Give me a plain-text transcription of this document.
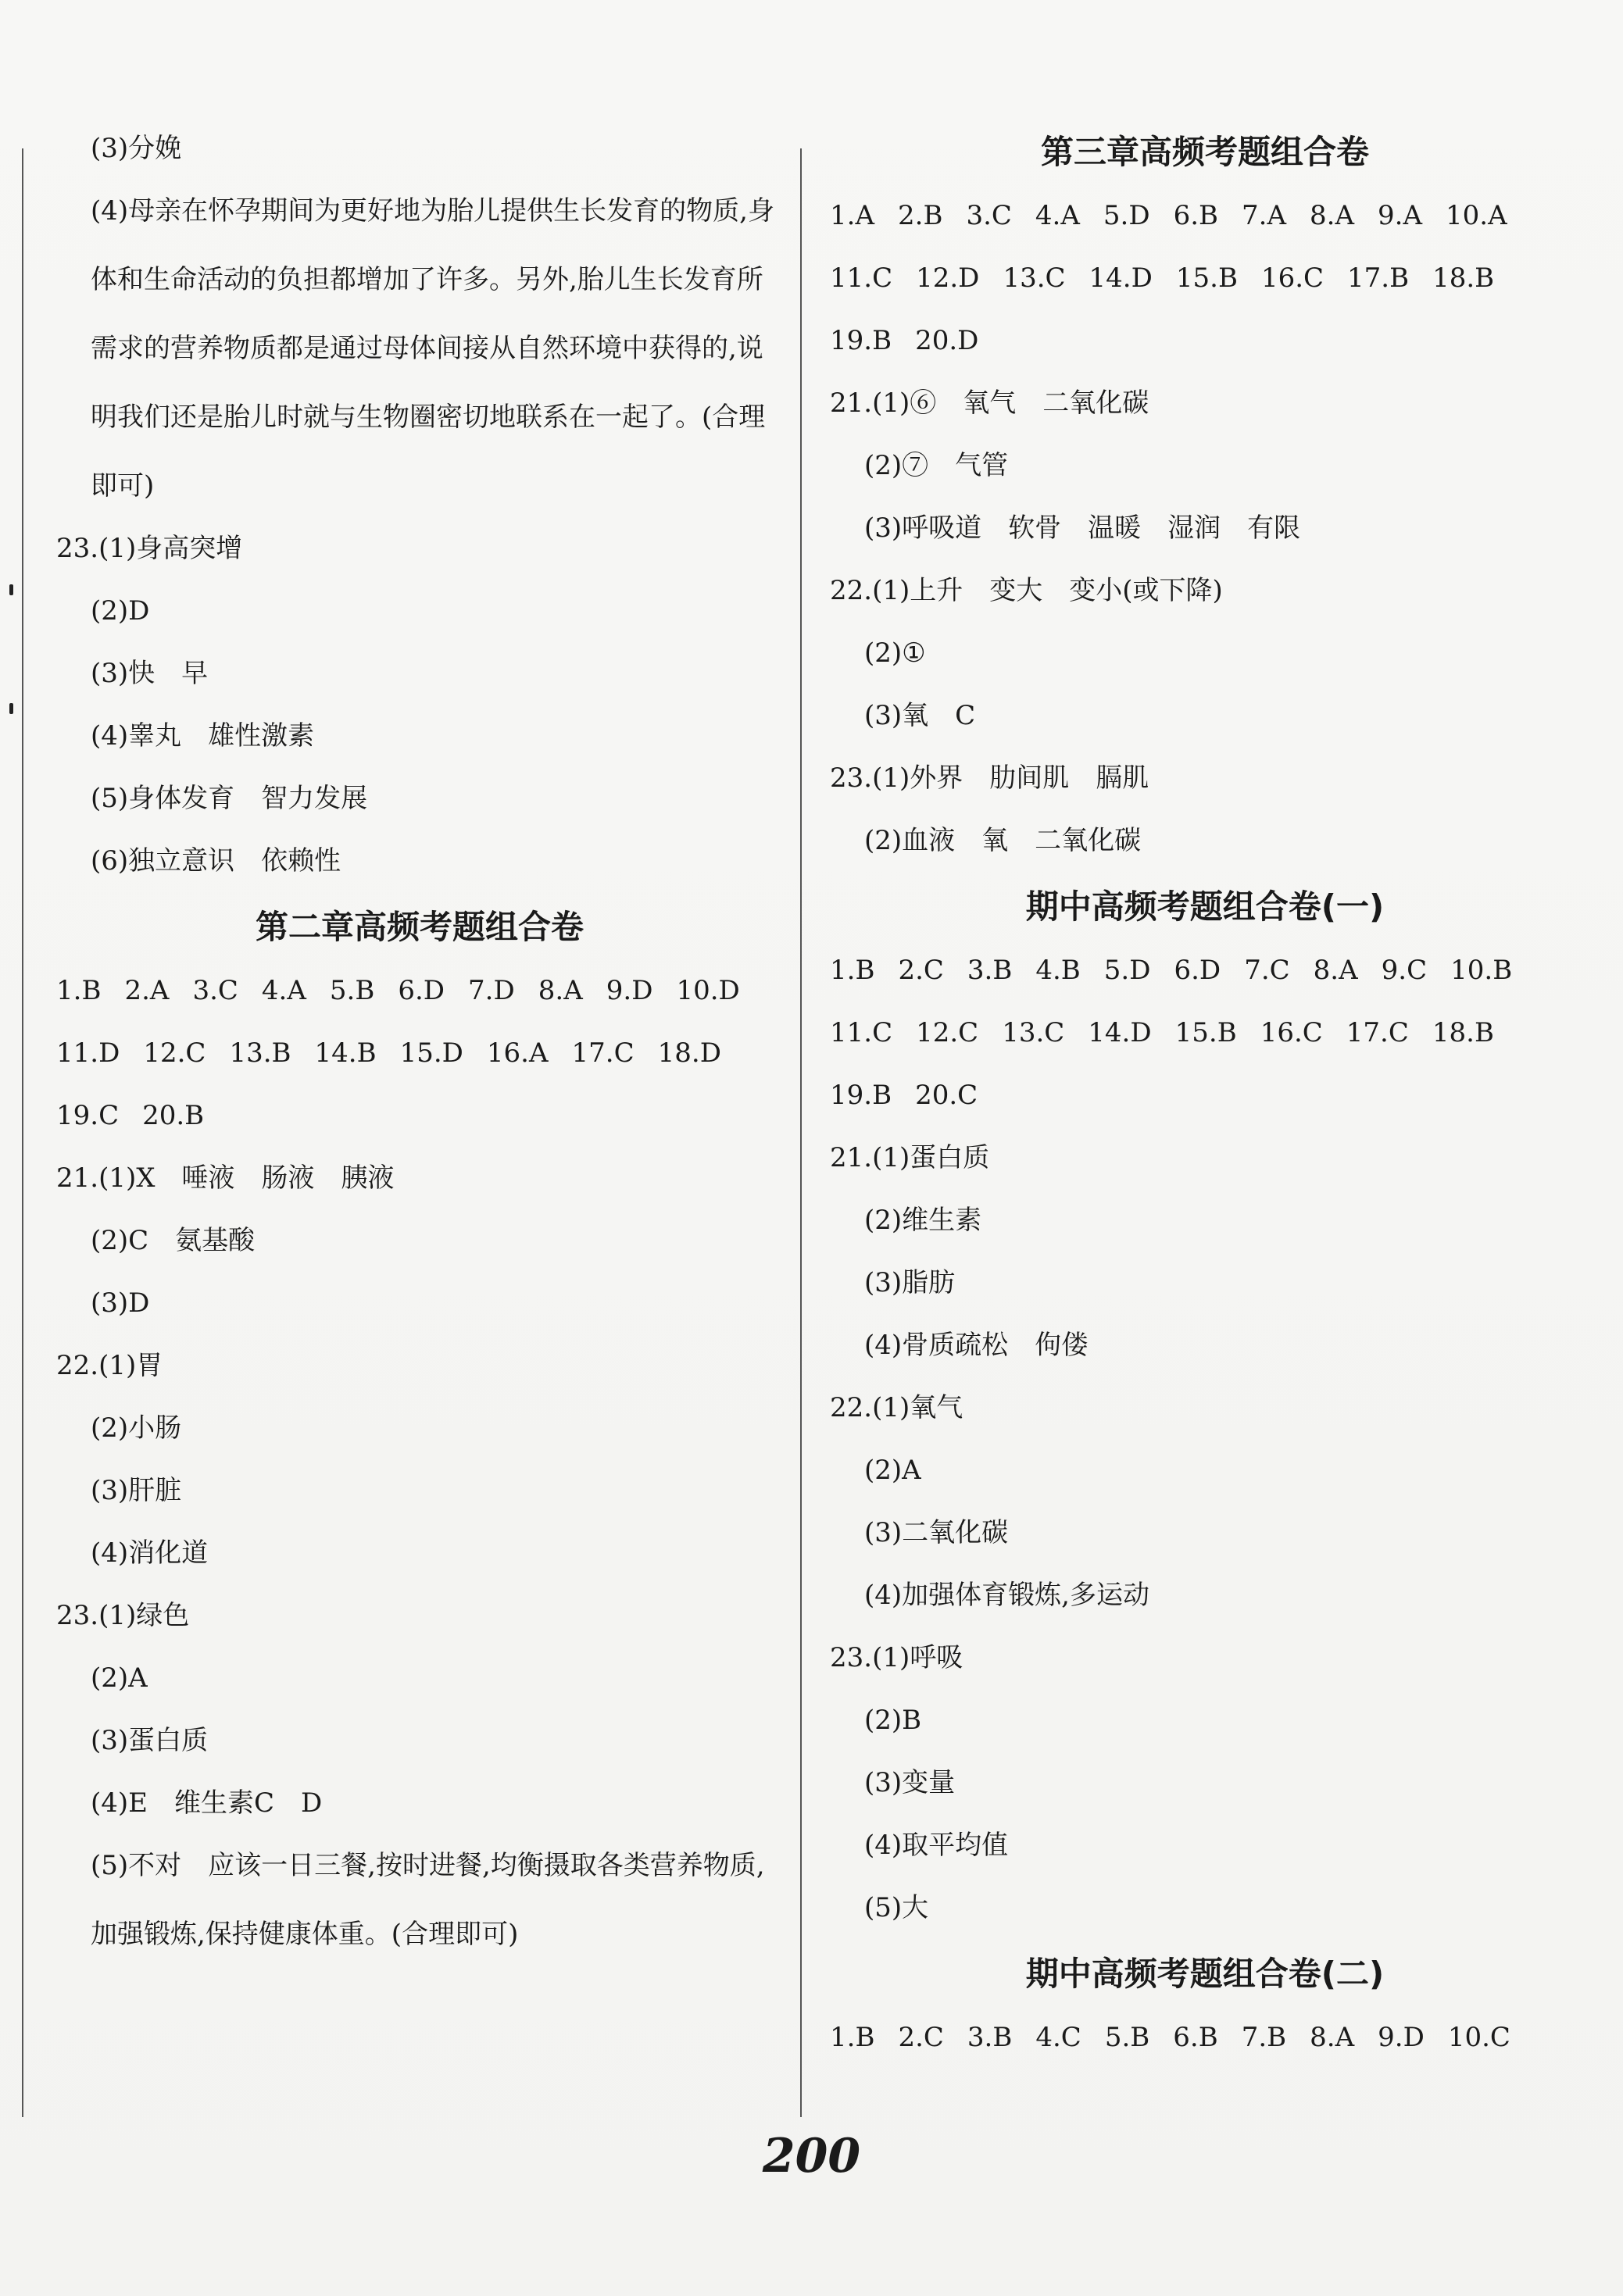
(3)分娩
(4)母亲在怀孕期间为更好地为胎儿提供生长发育的物质,身体和生命活动的负担都增加了许多。另外,胎儿生长发育所需求的营养物质都是通过母体间接从自然环境中获得的,说明我们还是胎儿时就与生物圈密切地联系在一起了。(合理即可)
23.(1)身高突增
(2)D
(3)快　早
(4)睾丸　雄性激素
(5)身体发育　智力发展
(6)独立意识　依赖性
第二章高频考题组合卷
1.B 2.A 3.C 4.A 5.B 6.D 7.D 8.A 9.D 10.D
11.D 12.C 13.B 14.B 15.D 16.A 17.C 18.D
19.C 20.B
21.(1)X　唾液　肠液　胰液
(2)C　氨基酸
(3)D
22.(1)胃
(2)小肠
(3)肝脏
(4)消化道
23.(1)绿色
(2)A
(3)蛋白质
(4)E　维生素C　D
(5)不对　应该一日三餐,按时进餐,均衡摄取各类营养物质,加强锻炼,保持健康体重。(合理即可)
第三章高频考题组合卷
1.A 2.B 3.C 4.A 5.D 6.B 7.A 8.A 9.A 10.A
11.C 12.D 13.C 14.D 15.B 16.C 17.B 18.B
19.B 20.D
21.(1)⑥　氧气　二氧化碳
(2)⑦　气管
(3)呼吸道　软骨　温暖　湿润　有限
22.(1)上升　变大　变小(或下降)
(2)①
(3)氧　C
23.(1)外界　肋间肌　膈肌
(2)血液　氧　二氧化碳
期中高频考题组合卷(一)
1.B 2.C 3.B 4.B 5.D 6.D 7.C 8.A 9.C 10.B
11.C 12.C 13.C 14.D 15.B 16.C 17.C 18.B
19.B 20.C
21.(1)蛋白质
(2)维生素
(3)脂肪
(4)骨质疏松　佝偻
22.(1)氧气
(2)A
(3)二氧化碳
(4)加强体育锻炼,多运动
23.(1)呼吸
(2)B
(3)变量
(4)取平均值
(5)大
期中高频考题组合卷(二)
1.B 2.C 3.B 4.C 5.B 6.B 7.B 8.A 9.D 10.C
200
